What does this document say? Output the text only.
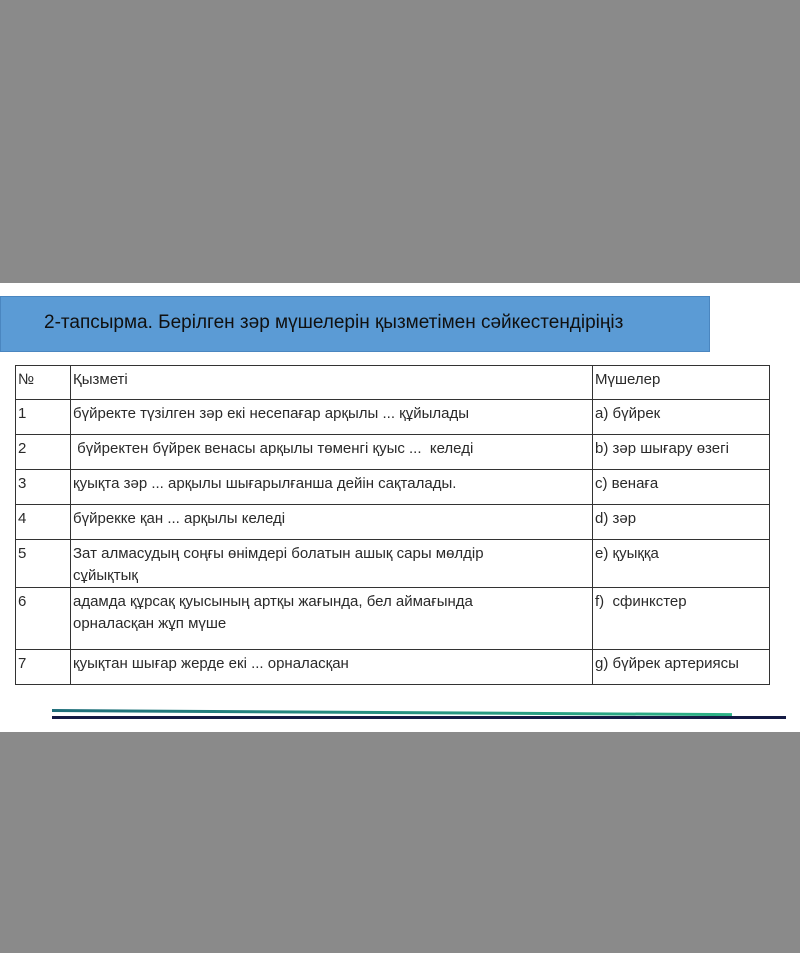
2-тапсырма. Берілген зәр мүшелерін қызметімен сәйкестендіріңіз
№	Қызметі	Мүшелер
1	бүйректе түзілген зәр екі несепағар арқылы ... құйылады	a) бүйрек
2	бүйректен бүйрек венасы арқылы төменгі қуыс ...  келеді	b) зәр шығару өзегі
3	қуықта зәр ... арқылы шығарылғанша дейін сақталады.	c) венаға
4	бүйрекке қан ... арқылы келеді	d) зәр
5	Зат алмасудың соңғы өнімдері болатын ашық сары мөлдір сұйықтық	e) қуыққа
6	адамда құрсақ қуысының артқы жағында, бел аймағында орналасқан жұп мүше	f)  сфинкстер
7	қуықтан шығар жерде екі ... орналасқан	g) бүйрек артериясы
